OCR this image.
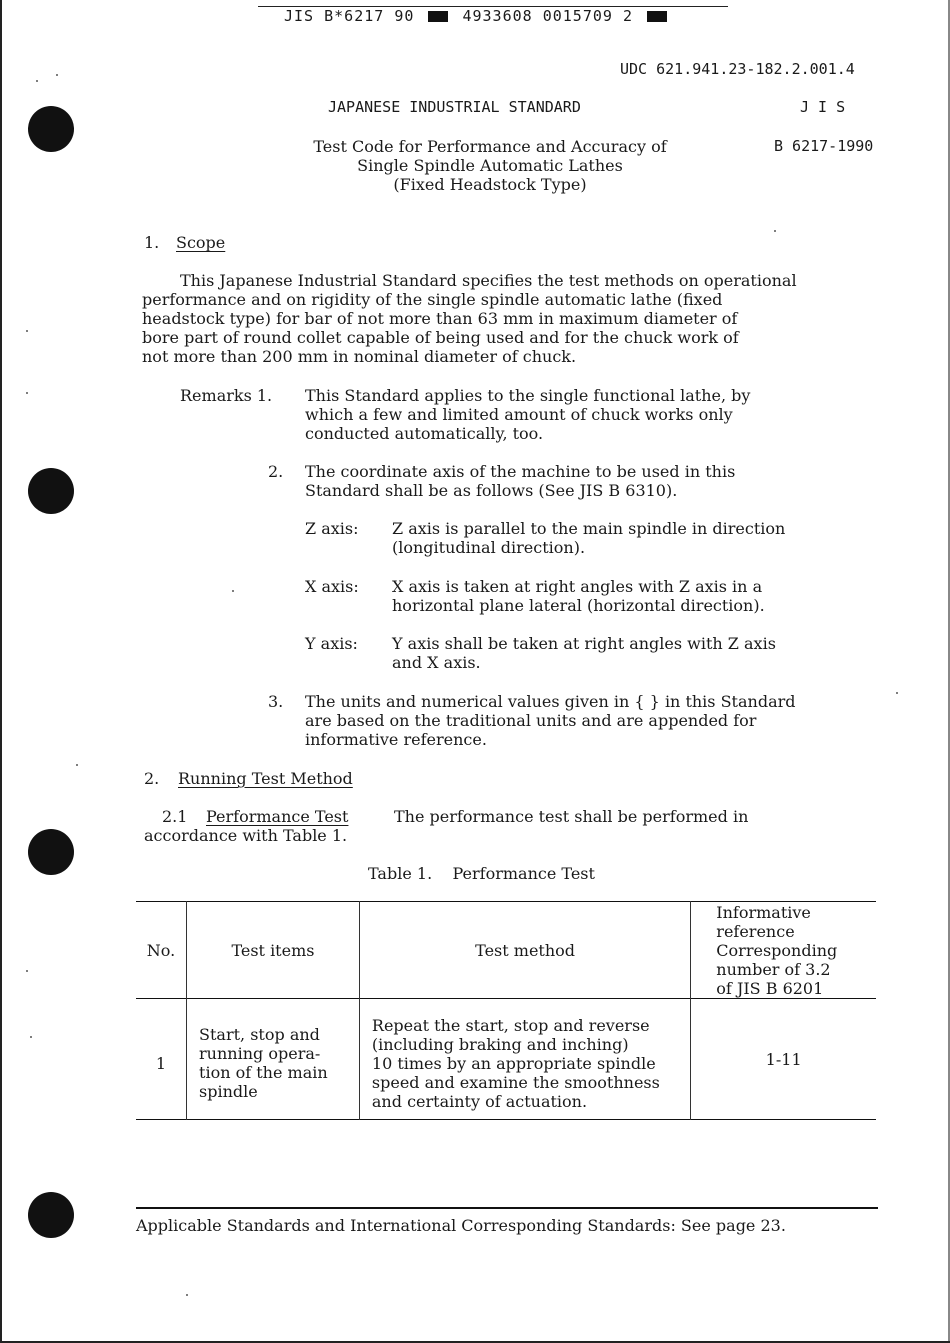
JIS B*6217 90	4933608 0015709 2
UDC 621.941.23-182.2.001.4
JAPANESE INDUSTRIAL STANDARD	J I S
Test Code for Performance and Accuracy of
Single Spindle Automatic Lathes
(Fixed Headstock Type)
B 6217-1990
1. Scope
This Japanese Industrial Standard specifies the test methods on operational
performance and on rigidity of the single spindle automatic lathe (fixed
headstock type) for bar of not more than 63 mm in maximum diameter of
bore part of round collet capable of being used and for the chuck work of
not more than 200 mm in nominal diameter of chuck.
Remarks 1. This Standard applies to the single functional lathe, by
which a few and limited amount of chuck works only
conducted automatically, too.
2. The coordinate axis of the machine to be used in this
Standard shall be as follows (See JIS B 6310).
Z axis: Z axis is parallel to the main spindle in direction
(longitudinal direction).
X axis: X axis is taken at right angles with Z axis in a
horizontal plane lateral (horizontal direction).
Y axis: Y axis shall be taken at right angles with Z axis
and X axis.
3. The units and numerical values given in { } in this Standard
are based on the traditional units and are appended for
informative reference.
2. Running Test Method
2.1 Performance Test	The performance test shall be performed in
accordance with Table 1.
Table 1.    Performance Test
No.	Test items	Test method	Informative
reference
Corresponding
number of 3.2
of JIS B 6201
1	Start, stop and
running opera-
tion of the main
spindle	Repeat the start, stop and reverse
(including braking and inching)
10 times by an appropriate spindle
speed and examine the smoothness
and certainty of actuation.	1-11
Applicable Standards and International Corresponding Standards: See page 23.
